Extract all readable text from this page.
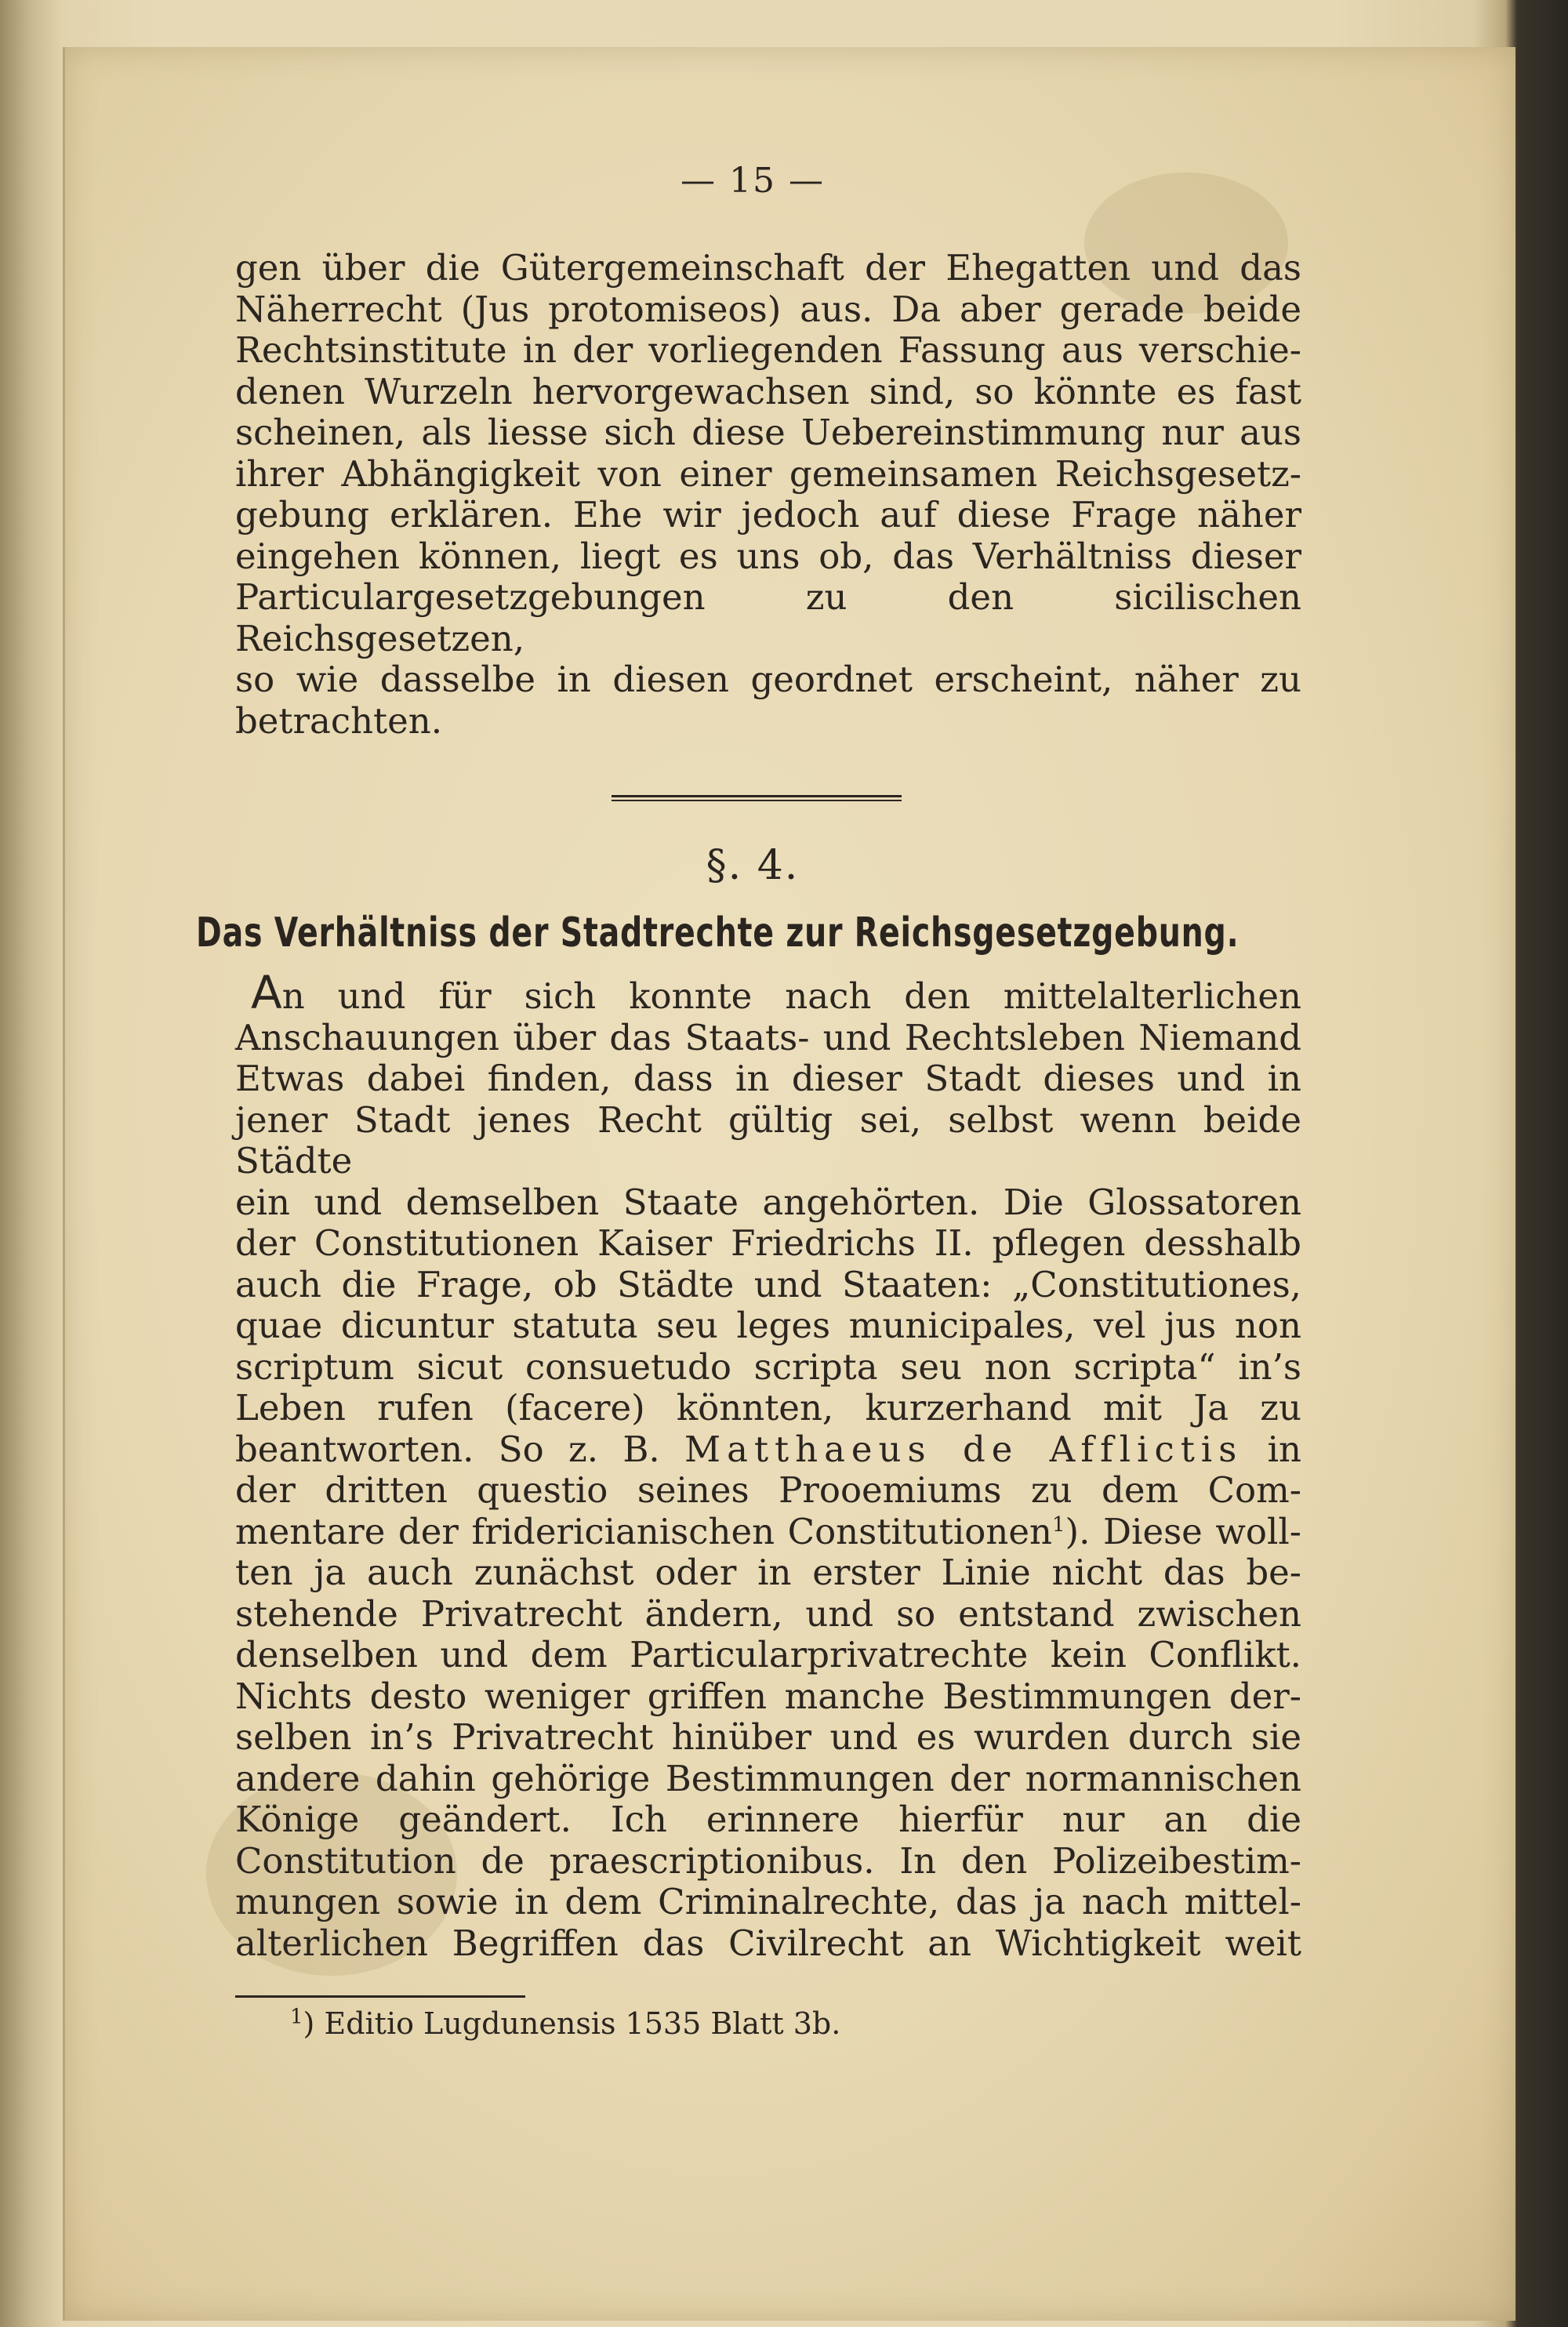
— 15 —
gen über die Gütergemeinschaft der Ehegatten und das
Näherrecht (Jus protomiseos) aus. Da aber gerade beide
Rechtsinstitute in der vorliegenden Fassung aus verschie-
denen Wurzeln hervorgewachsen sind, so könnte es fast
scheinen, als liesse sich diese Uebereinstimmung nur aus
ihrer Abhängigkeit von einer gemeinsamen Reichsgesetz-
gebung erklären. Ehe wir jedoch auf diese Frage näher
eingehen können, liegt es uns ob, das Verhältniss dieser
Particulargesetzgebungen zu den sicilischen Reichsgesetzen,
so wie dasselbe in diesen geordnet erscheint, näher zu
betrachten.
§. 4.
Das Verhältniss der Stadtrechte zur Reichsgesetzgebung.
An und für sich konnte nach den mittelalterlichen
Anschauungen über das Staats- und Rechtsleben Niemand
Etwas dabei finden, dass in dieser Stadt dieses und in
jener Stadt jenes Recht gültig sei, selbst wenn beide Städte
ein und demselben Staate angehörten. Die Glossatoren
der Constitutionen Kaiser Friedrichs II. pflegen desshalb
auch die Frage, ob Städte und Staaten: „Constitutiones,
quae dicuntur statuta seu leges municipales, vel jus non
scriptum sicut consuetudo scripta seu non scripta“ in’s
Leben rufen (facere) könnten, kurzerhand mit Ja zu
beantworten. So z. B. Matthaeus de Afflictis in
der dritten questio seines Prooemiums zu dem Com-
mentare der fridericianischen Constitutionen$^1$). Diese woll-
ten ja auch zunächst oder in erster Linie nicht das be-
stehende Privatrecht ändern, und so entstand zwischen
denselben und dem Particularprivatrechte kein Conflikt.
Nichts desto weniger griffen manche Bestimmungen der-
selben in’s Privatrecht hinüber und es wurden durch sie
andere dahin gehörige Bestimmungen der normannischen
Könige geändert. Ich erinnere hierfür nur an die
Constitution de praescriptionibus. In den Polizeibestim-
mungen sowie in dem Criminalrechte, das ja nach mittel-
alterlichen Begriffen das Civilrecht an Wichtigkeit weit
$^1$) Editio Lugdunensis 1535 Blatt 3b.
